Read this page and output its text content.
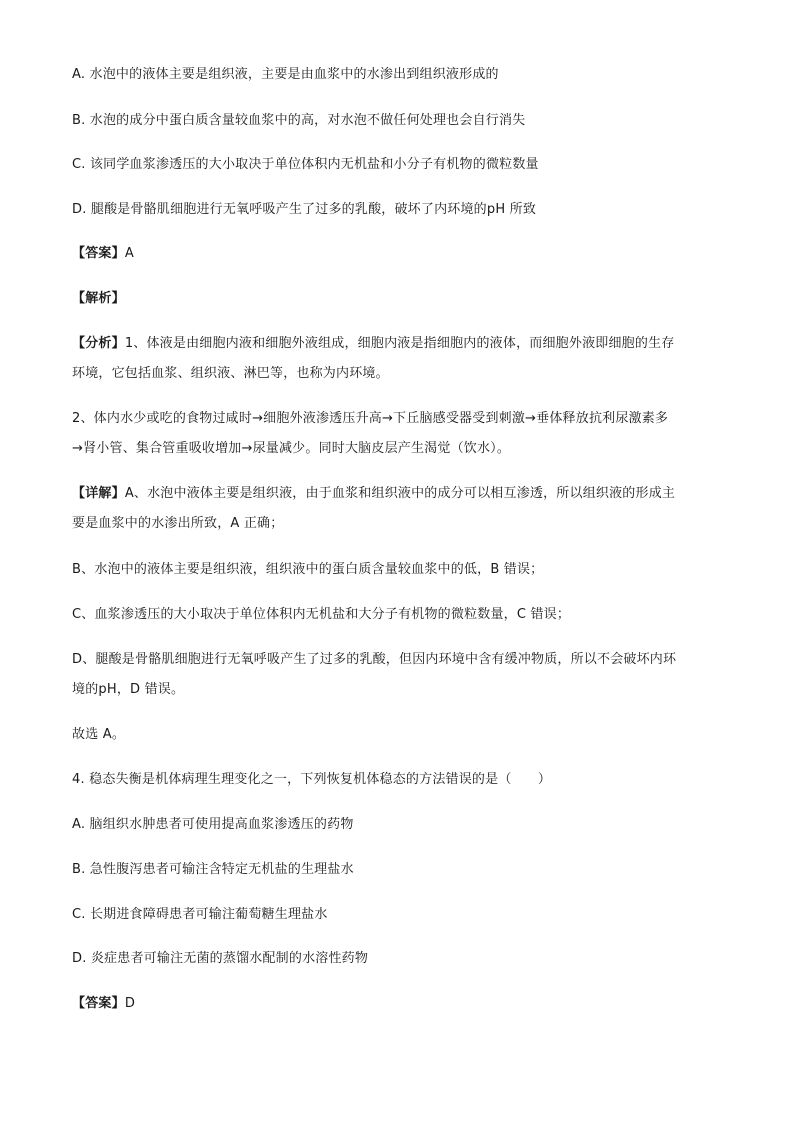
A. 水泡中的液体主要是组织液，主要是由血浆中的水渗出到组织液形成的
B. 水泡的成分中蛋白质含量较血浆中的高，对水泡不做任何处理也会自行消失
C. 该同学血浆渗透压的大小取决于单位体积内无机盐和小分子有机物的微粒数量
D. 腿酸是骨骼肌细胞进行无氧呼吸产生了过多的乳酸，破坏了内环境的pH 所致
【答案】A
【解析】
【分析】1、体液是由细胞内液和细胞外液组成，细胞内液是指细胞内的液体，而细胞外液即细胞的生存
环境，它包括血浆、组织液、淋巴等，也称为内环境。
2、体内水少或吃的食物过咸时→细胞外液渗透压升高→下丘脑感受器受到刺激→垂体释放抗利尿激素多
→肾小管、集合管重吸收增加→尿量减少。同时大脑皮层产生渴觉（饮水）。
【详解】A、水泡中液体主要是组织液，由于血浆和组织液中的成分可以相互渗透，所以组织液的形成主
要是血浆中的水渗出所致，A 正确；
B、水泡中的液体主要是组织液，组织液中的蛋白质含量较血浆中的低，B 错误；
C、血浆渗透压的大小取决于单位体积内无机盐和大分子有机物的微粒数量，C 错误；
D、腿酸是骨骼肌细胞进行无氧呼吸产生了过多的乳酸，但因内环境中含有缓冲物质，所以不会破坏内环
境的pH，D 错误。
故选 A。
4. 稳态失衡是机体病理生理变化之一，下列恢复机体稳态的方法错误的是（　　）
A. 脑组织水肿患者可使用提高血浆渗透压的药物
B. 急性腹泻患者可输注含特定无机盐的生理盐水
C. 长期进食障碍患者可输注葡萄糖生理盐水
D. 炎症患者可输注无菌的蒸馏水配制的水溶性药物
【答案】D
